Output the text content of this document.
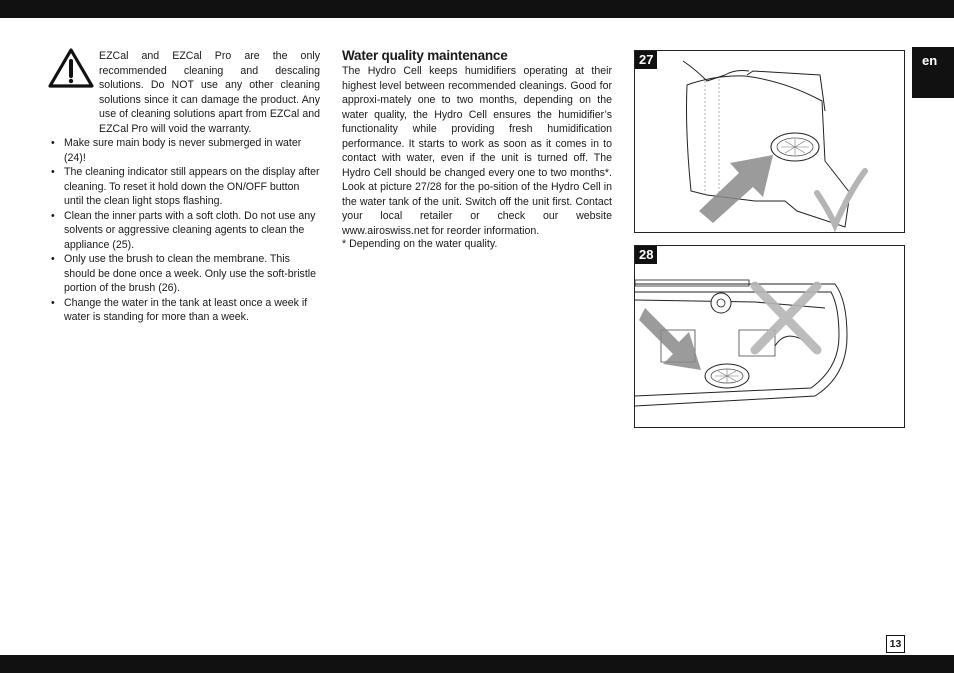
en

EZCal and EZCal Pro are the only recommended cleaning and descaling solutions. Do NOT use any other cleaning solutions since it can damage the product. Any use of cleaning solutions apart from EZCal and EZCal Pro will void the warranty.

• Make sure main body is never submerged in water (24)!
• The cleaning indicator still appears on the display after cleaning. To reset it hold down the ON/OFF button until the clean light stops flashing.
• Clean the inner parts with a soft cloth. Do not use any solvents or aggressive cleaning agents to clean the appliance (25).
• Only use the brush to clean the membrane. This should be done once a week. Only use the soft-bristle portion of the brush (26).
• Change the water in the tank at least once a week if water is standing for more than a week.
Water quality maintenance

The Hydro Cell keeps humidifiers operating at their highest level between recommended cleanings. Good for approxi-mately one to two months, depending on the water quality, the Hydro Cell ensures the humidifier’s functionality while providing fresh humidification performance. It starts to work as soon as it comes in to contact with water, even if the unit is turned off. The Hydro Cell should be changed every one to two months*. Look at picture 27/28 for the po-sition of the Hydro Cell in the water tank of the unit. Switch off the unit first. Contact your local retailer or check our website www.airoswiss.net for reorder information.

* Depending on the water quality.

27
28
13
